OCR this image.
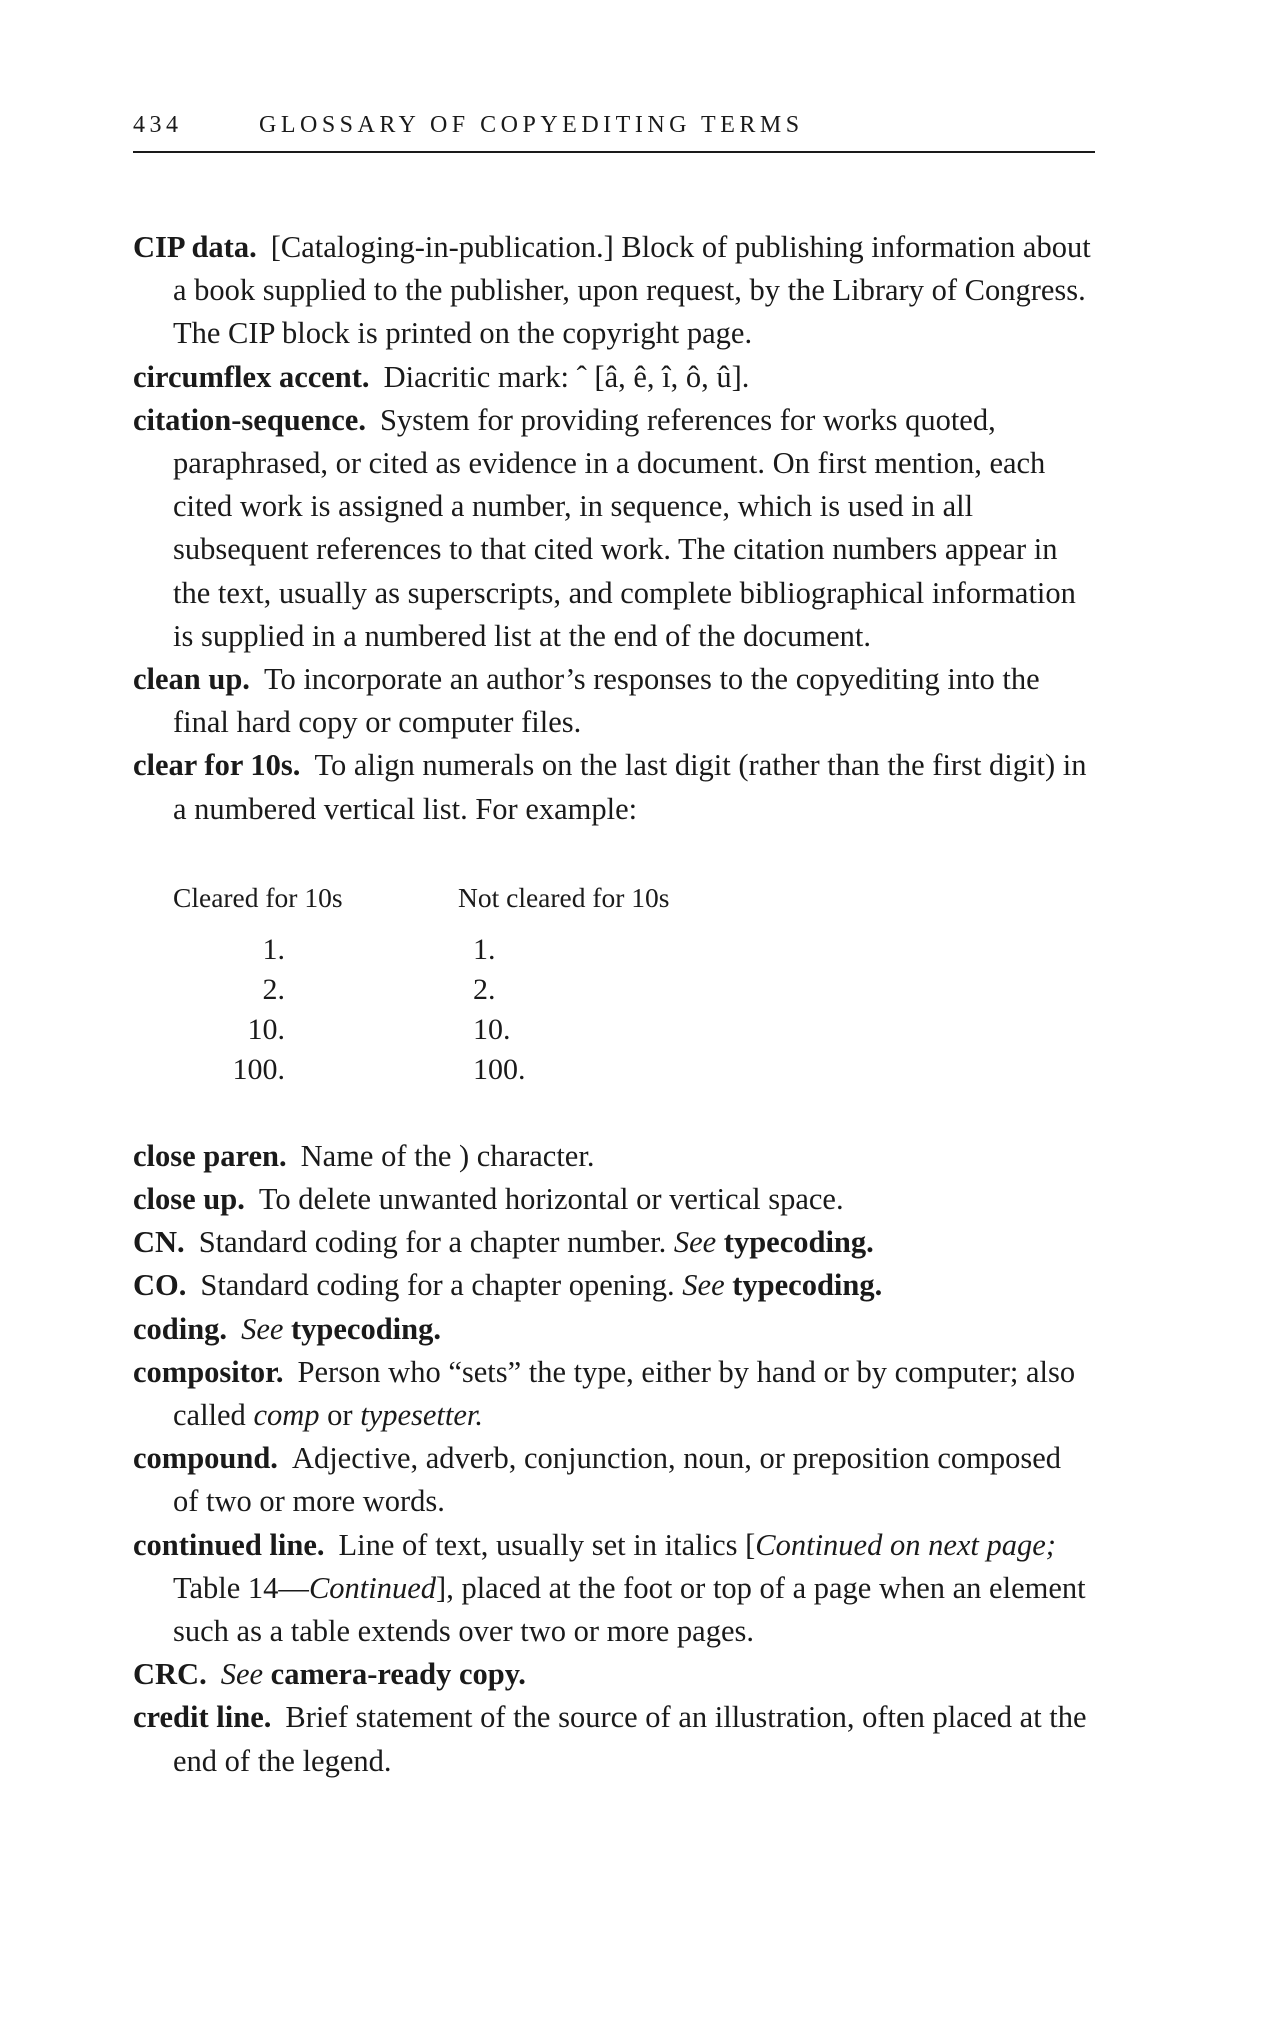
434	GLOSSARY OF COPYEDITING TERMS
CIP data. [Cataloging-in-publication.] Block of publishing information about a book supplied to the publisher, upon request, by the Library of Congress. The CIP block is printed on the copyright page.
circumflex accent. Diacritic mark: ˆ [â, ê, î, ô, û].
citation-sequence. System for providing references for works quoted, paraphrased, or cited as evidence in a document. On first mention, each cited work is assigned a number, in sequence, which is used in all subsequent references to that cited work. The citation numbers appear in the text, usually as superscripts, and complete bibliographical information is supplied in a numbered list at the end of the document.
clean up. To incorporate an author’s responses to the copyediting into the final hard copy or computer files.
clear for 10s. To align numerals on the last digit (rather than the first digit) in a numbered vertical list. For example:
Cleared for 10s	Not cleared for 10s
1.	1.
2.	2.
10.	10.
100.	100.
close paren. Name of the ) character.
close up. To delete unwanted horizontal or vertical space.
CN. Standard coding for a chapter number. See typecoding.
CO. Standard coding for a chapter opening. See typecoding.
coding. See typecoding.
compositor. Person who “sets” the type, either by hand or by computer; also called comp or typesetter.
compound. Adjective, adverb, conjunction, noun, or preposition composed of two or more words.
continued line. Line of text, usually set in italics [Continued on next page; Table 14—Continued], placed at the foot or top of a page when an element such as a table extends over two or more pages.
CRC. See camera-ready copy.
credit line. Brief statement of the source of an illustration, often placed at the end of the legend.
